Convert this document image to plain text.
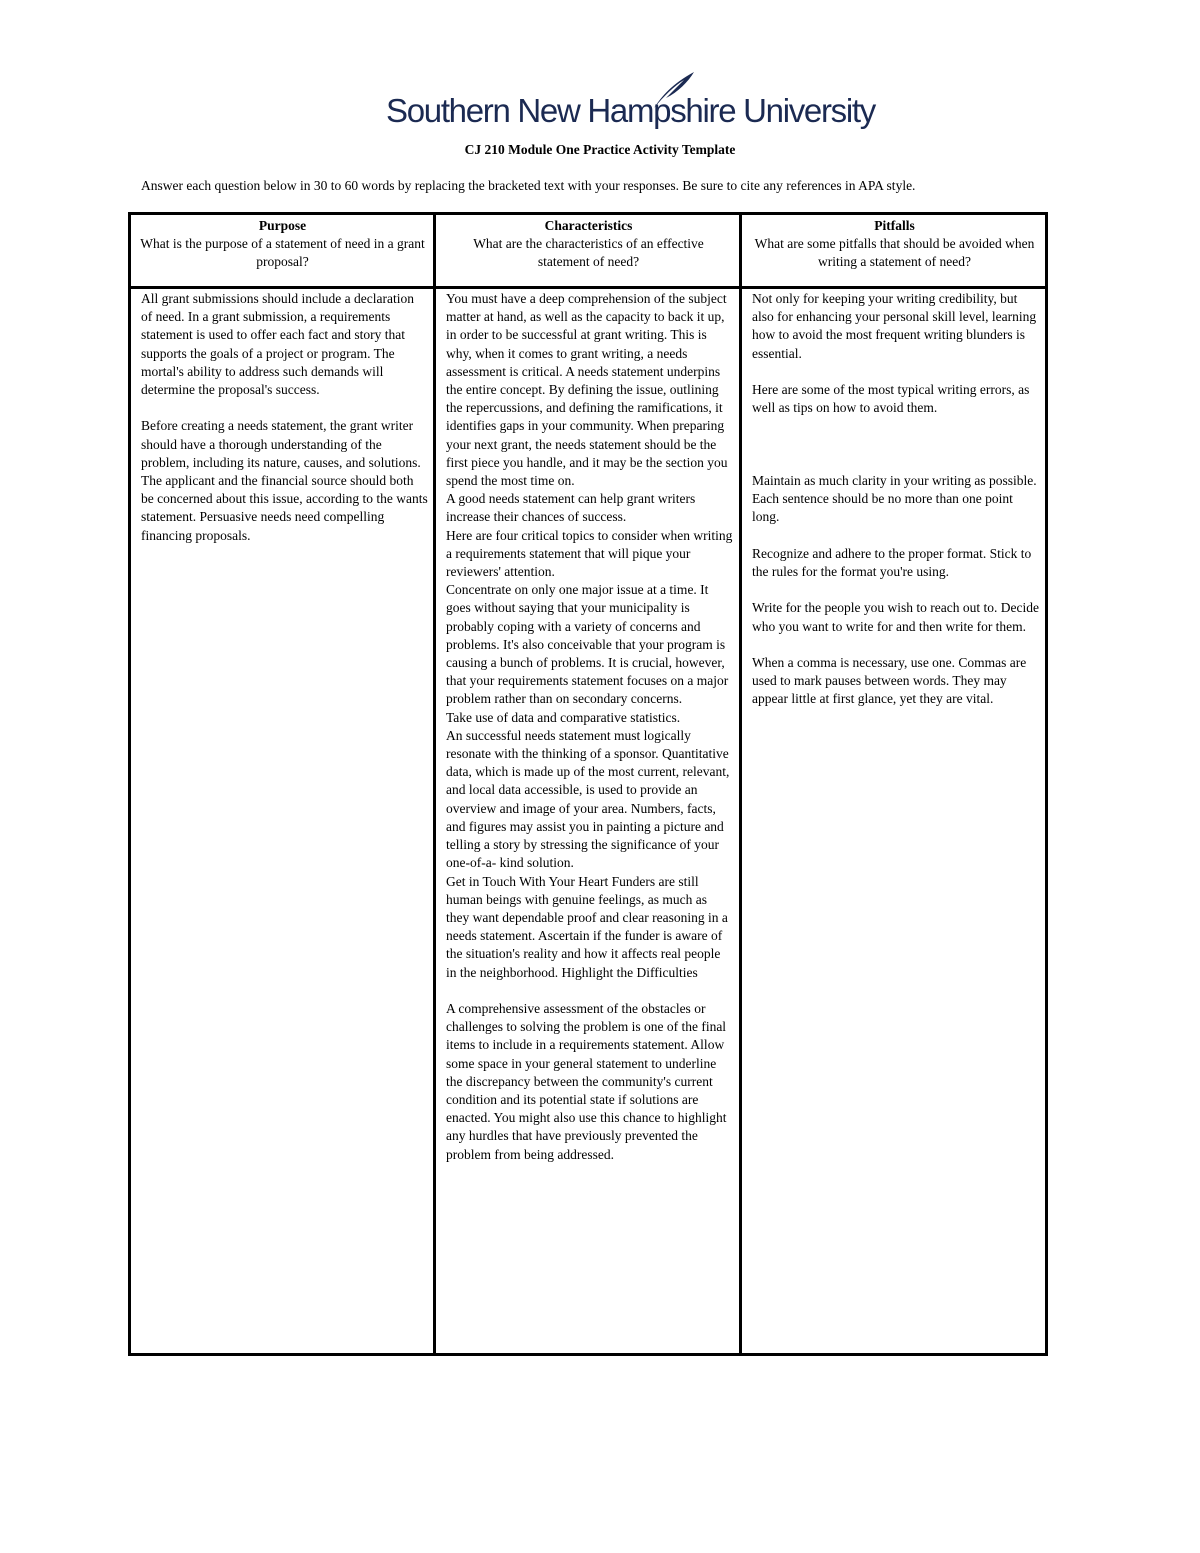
Southern New Hampshire University
CJ 210 Module One Practice Activity Template
Answer each question below in 30 to 60 words by replacing the bracketed text with your responses. Be sure to cite any references in APA style.
Purpose
What is the purpose of a statement of need in a grant proposal?
Characteristics
What are the characteristics of an effective statement of need?
Pitfalls
What are some pitfalls that should be avoided when writing a statement of need?

All grant submissions should include a declaration of need. In a grant submission, a requirements statement is used to offer each fact and story that supports the goals of a project or program. The mortal's ability to address such demands will determine the proposal's success.

Before creating a needs statement, the grant writer should have a thorough understanding of the problem, including its nature, causes, and solutions. The applicant and the financial source should both be concerned about this issue, according to the wants statement. Persuasive needs need compelling financing proposals.

You must have a deep comprehension of the subject matter at hand, as well as the capacity to back it up, in order to be successful at grant writing. This is why, when it comes to grant writing, a needs assessment is critical. A needs statement underpins the entire concept. By defining the issue, outlining the repercussions, and defining the ramifications, it identifies gaps in your community. When preparing your next grant, the needs statement should be the first piece you handle, and it may be the section you spend the most time on.

A good needs statement can help grant writers increase their chances of success.

Here are four critical topics to consider when writing a requirements statement that will pique your reviewers' attention.

Concentrate on only one major issue at a time. It goes without saying that your municipality is probably coping with a variety of concerns and problems. It's also conceivable that your program is causing a bunch of problems. It is crucial, however, that your requirements statement focuses on a major problem rather than on secondary concerns.

Take use of data and comparative statistics.

An successful needs statement must logically resonate with the thinking of a sponsor. Quantitative data, which is made up of the most current, relevant, and local data accessible, is used to provide an overview and image of your area. Numbers, facts, and figures may assist you in painting a picture and telling a story by stressing the significance of your one-of-a- kind solution.

Get in Touch With Your Heart Funders are still human beings with genuine feelings, as much as they want dependable proof and clear reasoning in a needs statement. Ascertain if the funder is aware of the situation's reality and how it affects real people in the neighborhood. Highlight the Difficulties

A comprehensive assessment of the obstacles or challenges to solving the problem is one of the final items to include in a requirements statement. Allow some space in your general statement to underline the discrepancy between the community's current condition and its potential state if solutions are enacted. You might also use this chance to highlight any hurdles that have previously prevented the problem from being addressed.

Not only for keeping your writing credibility, but also for enhancing your personal skill level, learning how to avoid the most frequent writing blunders is essential.

Here are some of the most typical writing errors, as well as tips on how to avoid them.

Maintain as much clarity in your writing as possible. Each sentence should be no more than one point long.

Recognize and adhere to the proper format. Stick to the rules for the format you're using.

Write for the people you wish to reach out to. Decide who you want to write for and then write for them.

When a comma is necessary, use one. Commas are used to mark pauses between words. They may appear little at first glance, yet they are vital.
